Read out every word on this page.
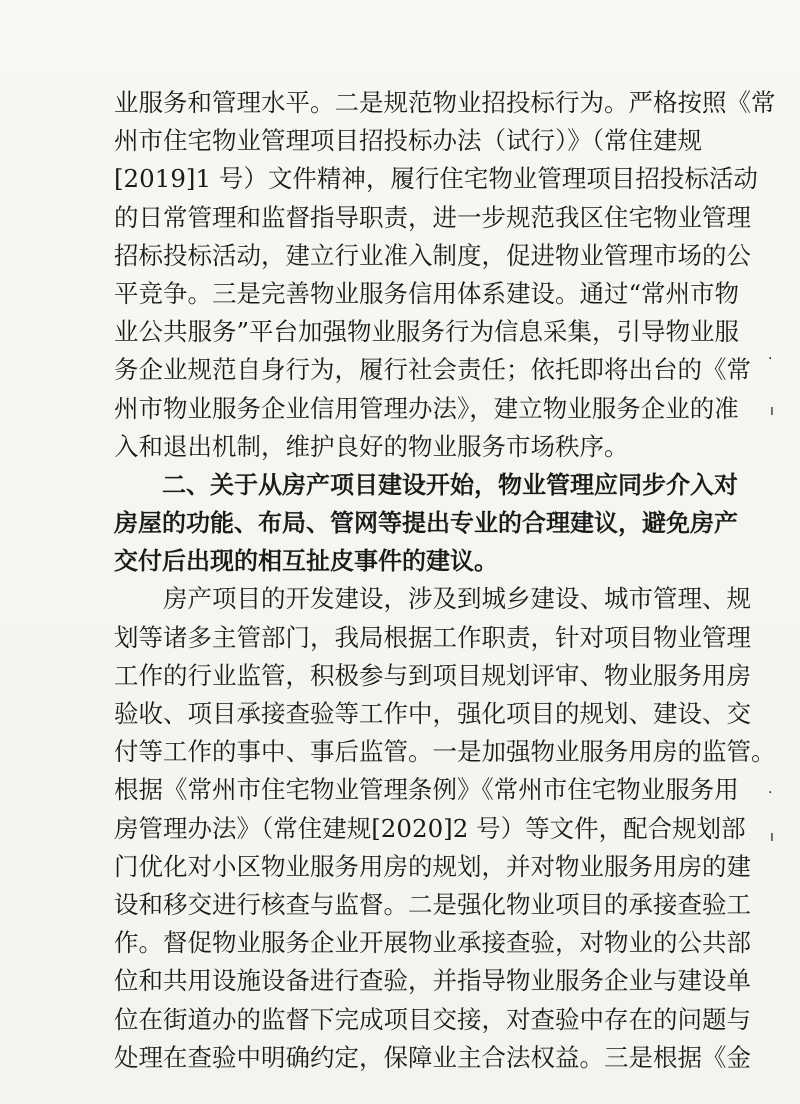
业服务和管理水平。二是规范物业招投标行为。严格按照《常
州市住宅物业管理项目招投标办法（试行）》（常住建规
[2019]1 号）文件精神，履行住宅物业管理项目招投标活动
的日常管理和监督指导职责，进一步规范我区住宅物业管理
招标投标活动，建立行业准入制度，促进物业管理市场的公
平竞争。三是完善物业服务信用体系建设。通过“常州市物
业公共服务”平台加强物业服务行为信息采集，引导物业服
务企业规范自身行为，履行社会责任；依托即将出台的《常
州市物业服务企业信用管理办法》，建立物业服务企业的准
入和退出机制，维护良好的物业服务市场秩序。
　　二、关于从房产项目建设开始，物业管理应同步介入对
房屋的功能、布局、管网等提出专业的合理建议，避免房产
交付后出现的相互扯皮事件的建议。
　　房产项目的开发建设，涉及到城乡建设、城市管理、规
划等诸多主管部门，我局根据工作职责，针对项目物业管理
工作的行业监管，积极参与到项目规划评审、物业服务用房
验收、项目承接查验等工作中，强化项目的规划、建设、交
付等工作的事中、事后监管。一是加强物业服务用房的监管。
根据《常州市住宅物业管理条例》《常州市住宅物业服务用
房管理办法》（常住建规[2020]2 号）等文件，配合规划部
门优化对小区物业服务用房的规划，并对物业服务用房的建
设和移交进行核查与监督。二是强化物业项目的承接查验工
作。督促物业服务企业开展物业承接查验，对物业的公共部
位和共用设施设备进行查验，并指导物业服务企业与建设单
位在街道办的监督下完成项目交接，对查验中存在的问题与
处理在查验中明确约定，保障业主合法权益。三是根据《金
·
ı
·
ı
